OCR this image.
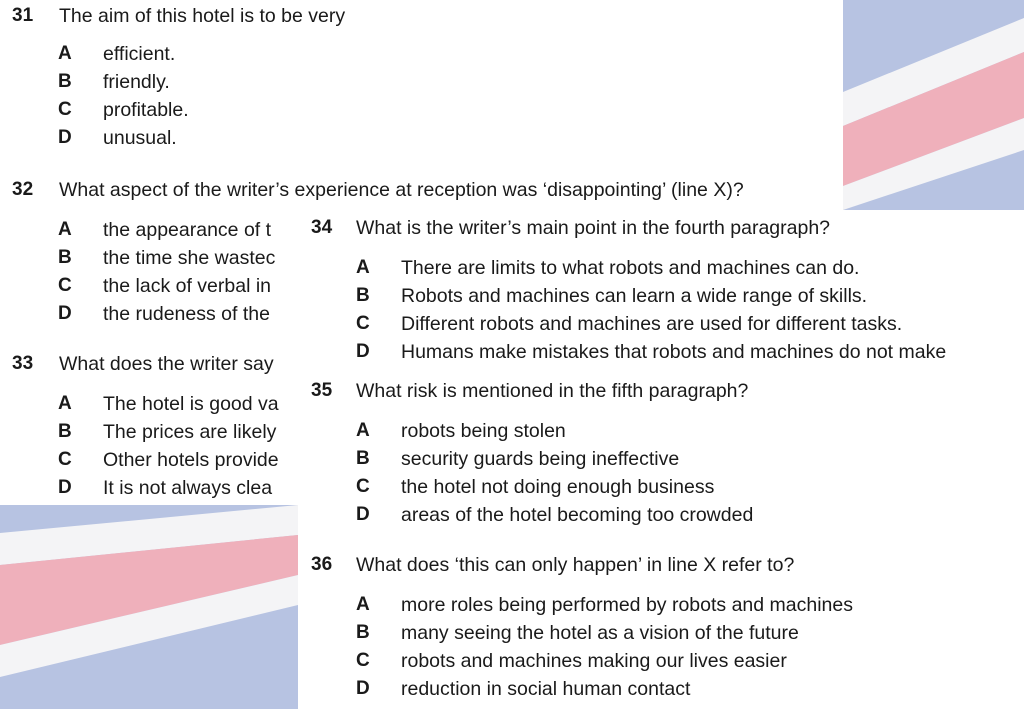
31 The aim of this hotel is to be very
A efficient.
B friendly.
C profitable.
D unusual.
32 What aspect of the writer’s experience at reception was ‘disappointing’ (line X)?
A the appearance of t
B the time she wastec
C the lack of verbal in
D the rudeness of the
33 What does the writer say
A The hotel is good va
B The prices are likely
C Other hotels provide
D It is not always clea
34 What is the writer’s main point in the fourth paragraph?
A There are limits to what robots and machines can do.
B Robots and machines can learn a wide range of skills.
C Different robots and machines are used for different tasks.
D Humans make mistakes that robots and machines do not make
35 What risk is mentioned in the fifth paragraph?
A robots being stolen
B security guards being ineffective
C the hotel not doing enough business
D areas of the hotel becoming too crowded
36 What does ‘this can only happen’ in line X refer to?
A more roles being performed by robots and machines
B many seeing the hotel as a vision of the future
C robots and machines making our lives easier
D reduction in social human contact
